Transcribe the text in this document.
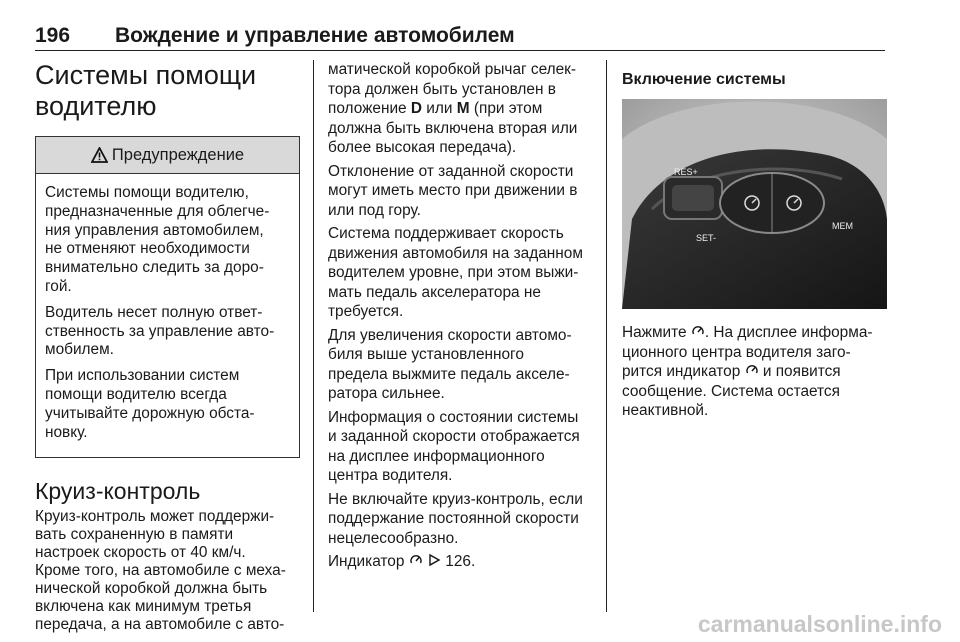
196 Вождение и управление автомобилем
Системы помощи
водителю
Предупреждение

Системы помощи водителю,
предназначенные для облегче-
ния управления автомобилем,
не отменяют необходимости
внимательно следить за доро-
гой.

Водитель несет полную ответ-
ственность за управление авто-
мобилем.

При использовании систем
помощи водителю всегда
учитывайте дорожную обста-
новку.

Круиз-контроль

Круиз-контроль может поддержи-
вать сохраненную в памяти
настроек скорость от 40 км/ч.
Кроме того, на автомобиле с меха-
нической коробкой должна быть
включена как минимум третья
передача, а на автомобиле с авто-

матической коробкой рычаг селек-
тора должен быть установлен в
положение D или M (при этом
должна быть включена вторая или
более высокая передача).

Отклонение от заданной скорости
могут иметь место при движении в
или под гору.

Система поддерживает скорость
движения автомобиля на заданном
водителем уровне, при этом выжи-
мать педаль акселератора не
требуется.

Для увеличения скорости автомо-
биля выше установленного
предела выжмите педаль акселе-
ратора сильнее.

Информация о состоянии системы
и заданной скорости отображается
на дисплее информационного
центра водителя.

Не включайте круиз-контроль, если
поддержание постоянной скорости
нецелесообразно.

Индикатор   126.

Включение системы
RES+
SET-
MEM

Нажмите . На дисплее информа-
ционного центра водителя заго-
рится индикатор  и появится
сообщение. Система остается
неактивной.

carmanualsonline.info
